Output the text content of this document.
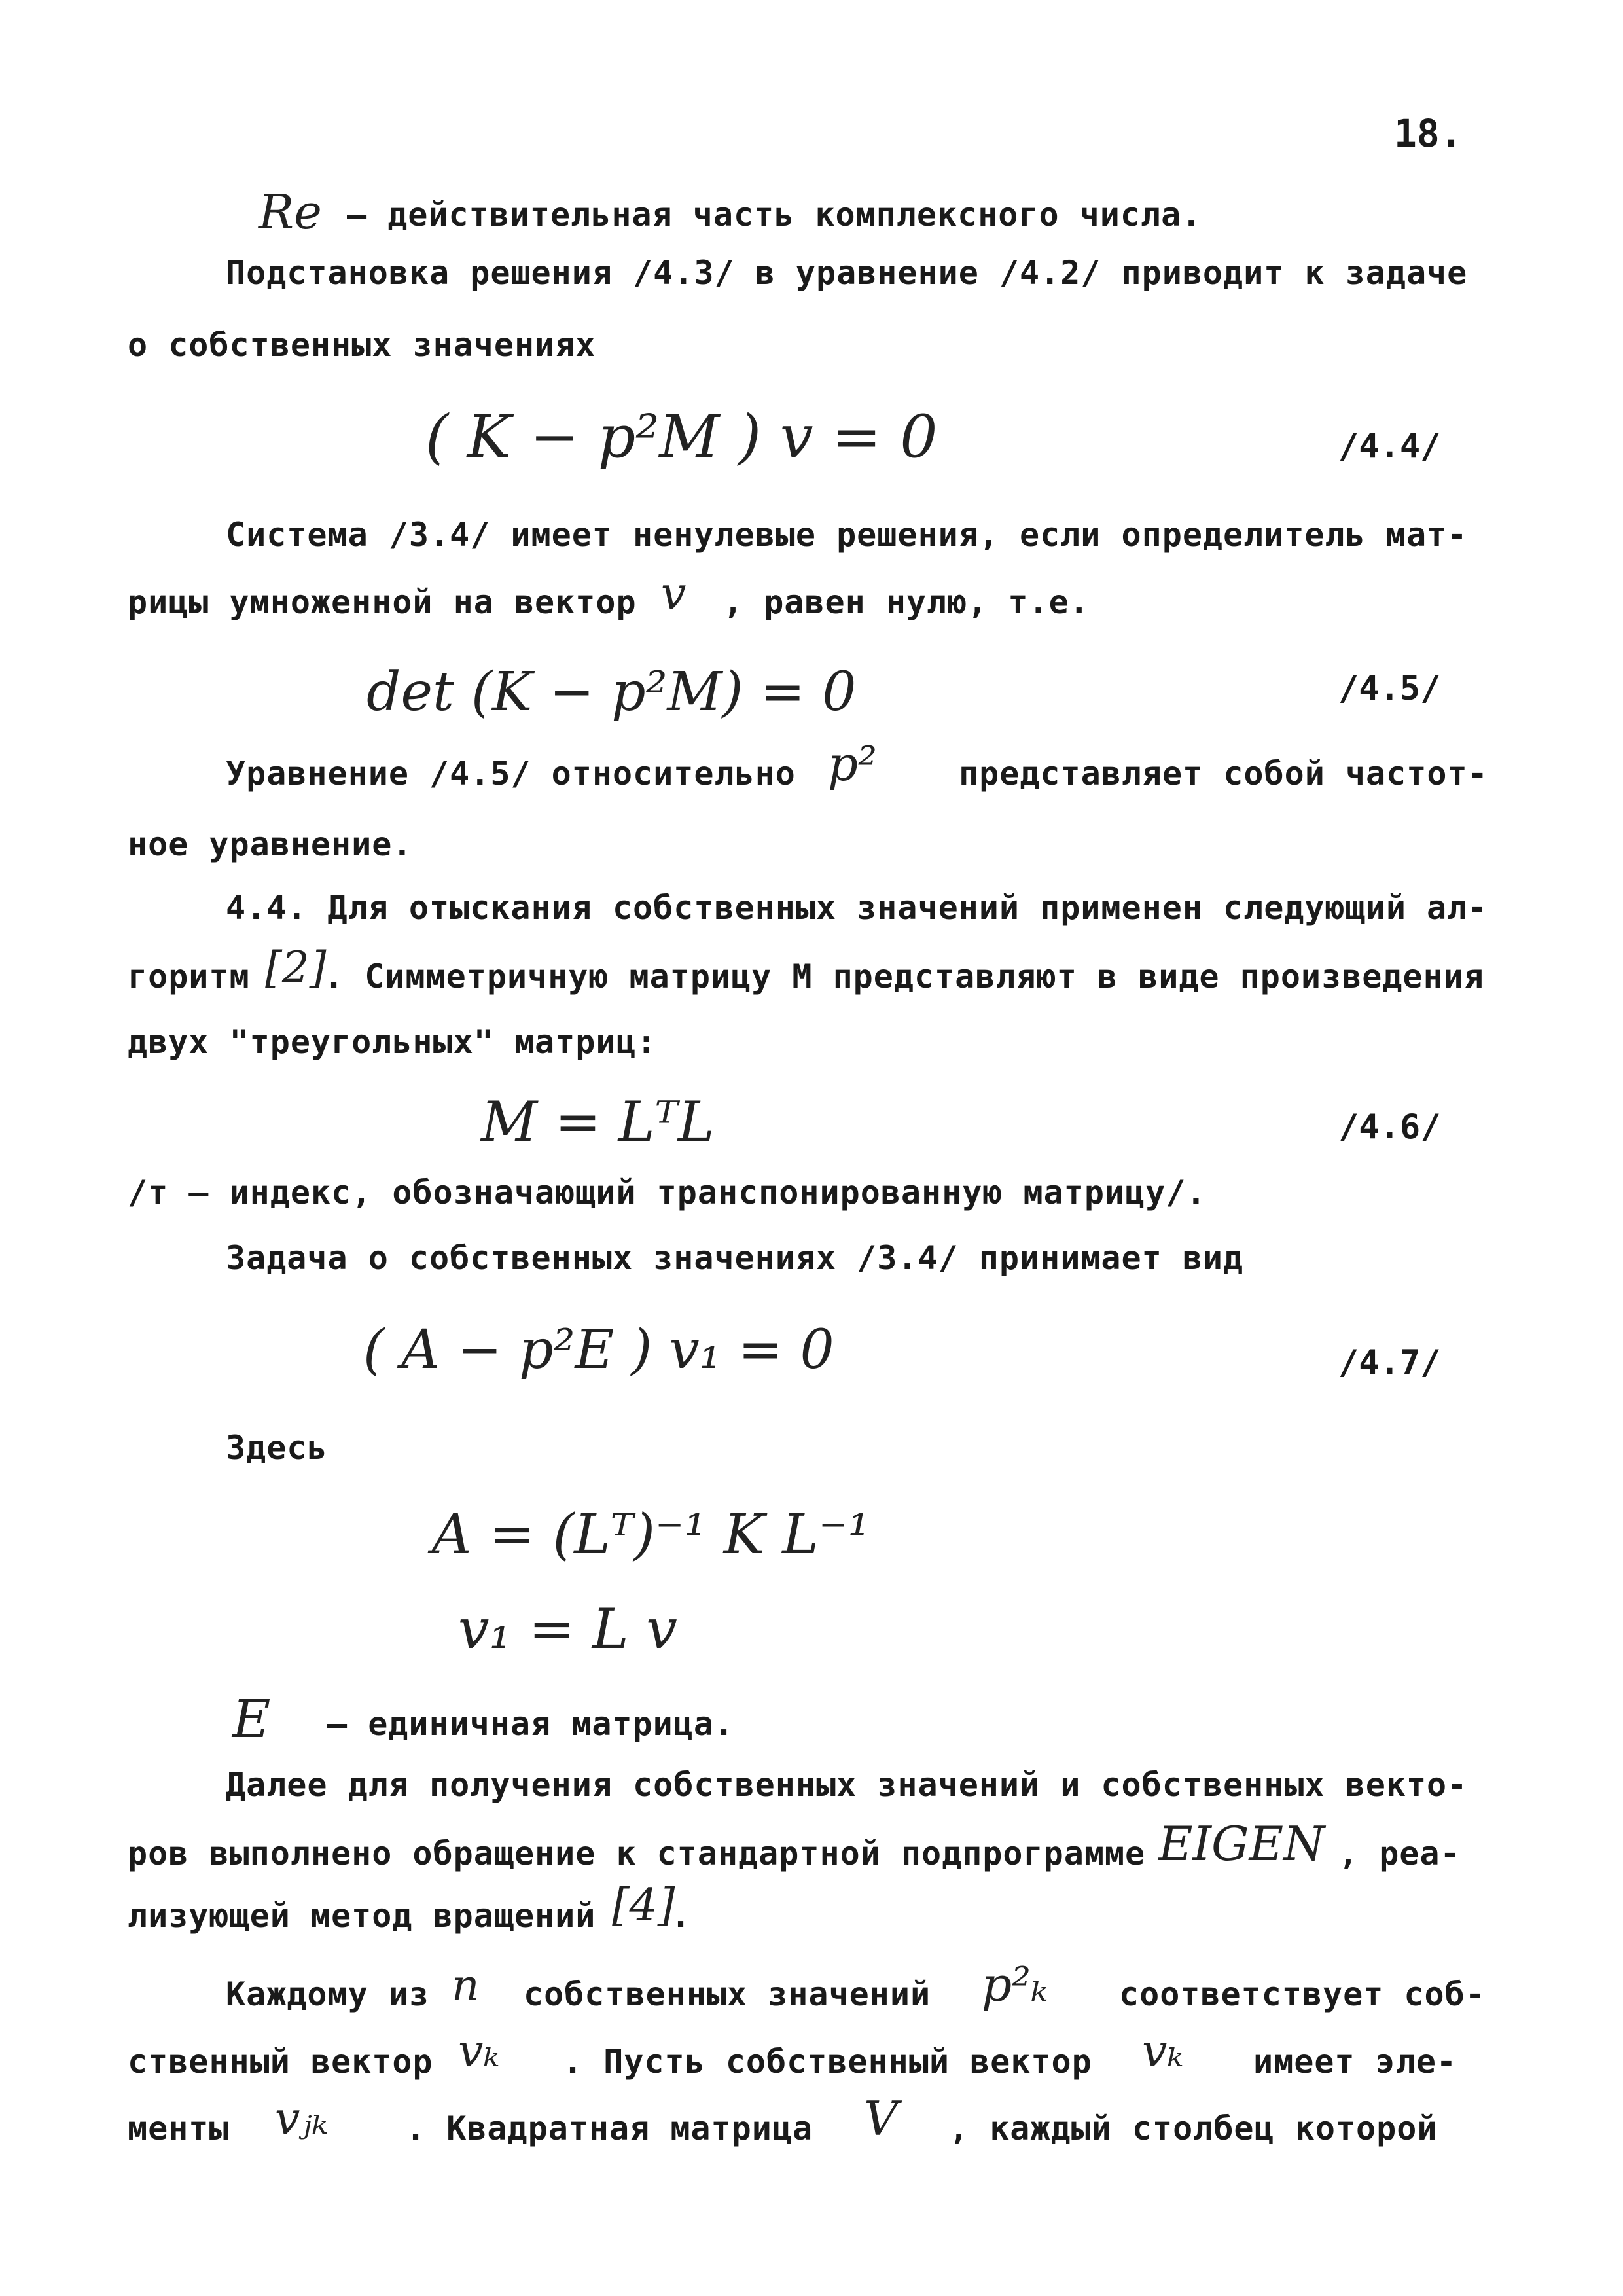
18.
Re – действительная часть комплексного числа.
Подстановка решения /4.3/ в уравнение /4.2/ приводит к задаче
о собственных значениях
( K − p²M ) v = 0	/4.4/
Система /3.4/ имеет ненулевые решения, если определитель мат-
рицы умноженной на вектор v , равен нулю, т.е.
det (K − p²M) = 0	/4.5/
Уравнение /4.5/ относительно p²	представляет собой частот-
ное уравнение.
4.4. Для отыскания собственных значений применен следующий ал-
горитм [2]
. Симметричную матрицу M представляют в виде произведения
двух "треугольных" матриц:
M = LᵀL	/4.6/
/т – индекс, обозначающий транспонированную матрицу/.
Задача о собственных значениях /3.4/ принимает вид
( A − p²E ) v₁ = 0	/4.7/
Здесь
A = (Lᵀ)⁻¹ K L⁻¹
v₁ = L v
E – единичная матрица.
Далее для получения собственных значений и собственных векто-
ров выполнено обращение к стандартной подпрограмме EIGEN , реа-
лизующей метод вращений [4]
.
Каждому из n собственных значений p²ₖ соответствует соб-
ственный вектор vₖ . Пусть собственный вектор vₖ имеет эле-
менты vⱼₖ . Квадратная матрица V , каждый столбец которой
